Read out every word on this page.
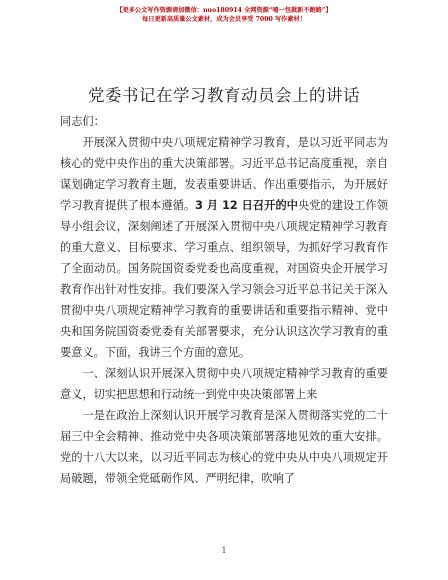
【更多公文写作资源请加微信：nuo180914 全网资源“嘻一包就新不跑路”】
每日更新高质量公文素材，成为会员享受 7000 写作素材！
党委书记在学习教育动员会上的讲话

同志们：

开展深入贯彻中央八项规定精神学习教育，是以习近平同志为核心的党中央作出的重大决策部署。习近平总书记高度重视，亲自谋划确定学习教育主题，发表重要讲话、作出重要指示，为开展好学习教育提供了根本遵循。3 月 12 日召开的中央党的建设工作领导小组会议，深刻阐述了开展深入贯彻中央八项规定精神学习教育的重大意义、目标要求、学习重点、组织领导，为抓好学习教育作了全面动员。国务院国资委党委也高度重视，对国资央企开展学习教育作出针对性安排。我们要深入学习领会习近平总书记关于深入贯彻中央八项规定精神学习教育的重要讲话和重要指示精神、党中央和国务院国资委党委有关部署要求，充分认识这次学习教育的重要意义。下面，我讲三个方面的意见。

一、深刻认识开展深入贯彻中央八项规定精神学习教育的重要意义，切实把思想和行动统一到党中央决策部署上来

一是在政治上深刻认识开展学习教育是深入贯彻落实党的二十届三中全会精神、推动党中央各项决策部署落地见效的重大安排。党的十八大以来，以习近平同志为核心的党中央从中央八项规定开局破题，带领全党砥砺作风、严明纪律，吹响了

1
